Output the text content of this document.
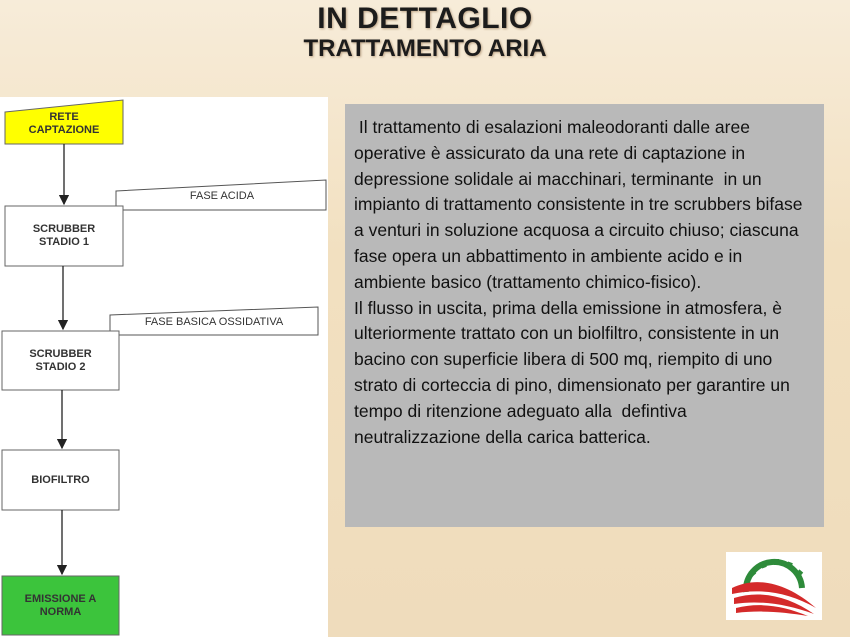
IN DETTAGLIO
TRATTAMENTO ARIA
RETE
CAPTAZIONE
FASE ACIDA
SCRUBBER
STADIO 1
FASE BASICA OSSIDATIVA
SCRUBBER
STADIO 2
BIOFILTRO
EMISSIONE A
NORMA
Il trattamento di esalazioni maleodoranti dalle aree operative è assicurato da una rete di captazione in depressione solidale ai macchinari, terminante  in un impianto di trattamento consistente in tre scrubbers bifase a venturi in soluzione acquosa a circuito chiuso; ciascuna fase opera un abbattimento in ambiente acido e in ambiente basico (trattamento chimico-fisico).
Il flusso in uscita, prima della emissione in atmosfera, è ulteriormente trattato con un biolfiltro, consistente in un bacino con superficie libera di 500 mq, riempito di uno strato di corteccia di pino, dimensionato per garantire un tempo di ritenzione adeguato alla  defintiva neutralizzazione della carica batterica.
